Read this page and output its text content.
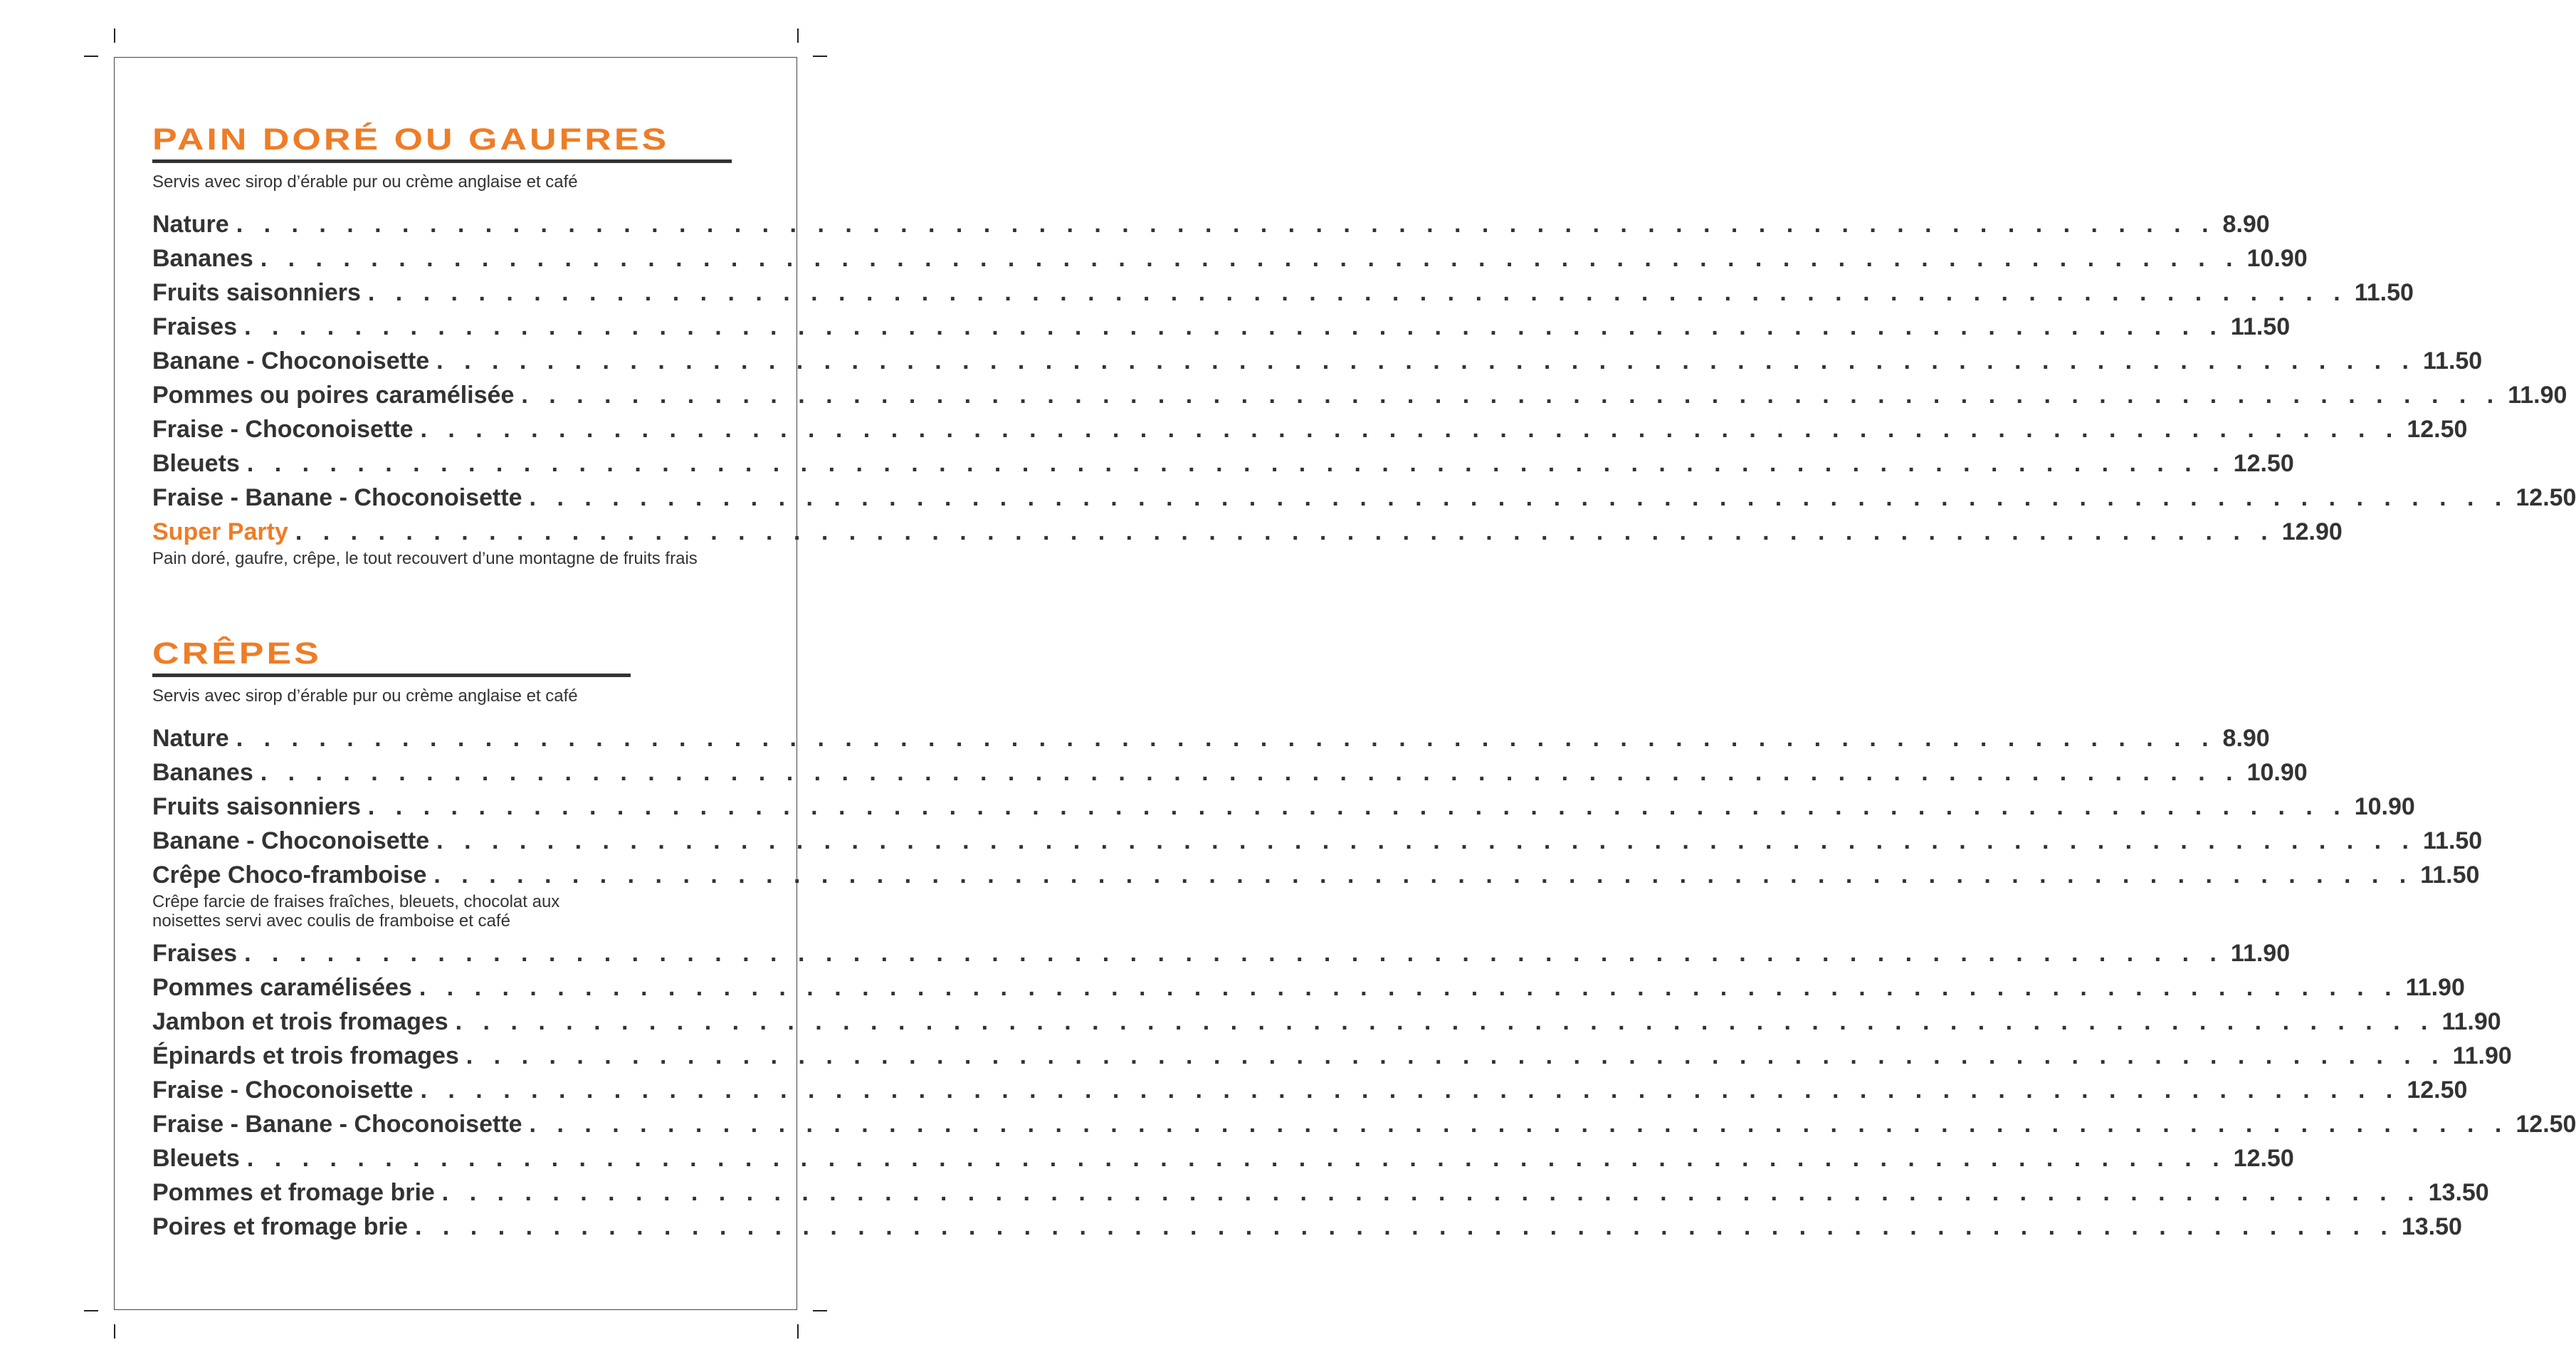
PAIN DORÉ OU GAUFRES
Servis avec sirop d’érable pur ou crème anglaise et café
Nature . . . . . . . . . . . . . . . . . . . . . . . . . . . . . . . . . . . . . . . . . . . . . . . . . . . . . . . . . . . . . . . . . . . . . . . . 8.90
Bananes . . . . . . . . . . . . . . . . . . . . . . . . . . . . . . . . . . . . . . . . . . . . . . . . . . . . . . . . . . . . . . . . . . . . . . . . 10.90
Fruits saisonniers . . . . . . . . . . . . . . . . . . . . . . . . . . . . . . . . . . . . . . . . . . . . . . . . . . . . . . . . . . . . . . . . . . . . . . . . 11.50
Fraises . . . . . . . . . . . . . . . . . . . . . . . . . . . . . . . . . . . . . . . . . . . . . . . . . . . . . . . . . . . . . . . . . . . . . . . . 11.50
Banane - Choconoisette . . . . . . . . . . . . . . . . . . . . . . . . . . . . . . . . . . . . . . . . . . . . . . . . . . . . . . . . . . . . . . . . . . . . . . . . 11.50
Pommes ou poires caramélisée . . . . . . . . . . . . . . . . . . . . . . . . . . . . . . . . . . . . . . . . . . . . . . . . . . . . . . . . . . . . . . . . . . . . . . . . 11.90
Fraise - Choconoisette . . . . . . . . . . . . . . . . . . . . . . . . . . . . . . . . . . . . . . . . . . . . . . . . . . . . . . . . . . . . . . . . . . . . . . . . 12.50
Bleuets . . . . . . . . . . . . . . . . . . . . . . . . . . . . . . . . . . . . . . . . . . . . . . . . . . . . . . . . . . . . . . . . . . . . . . . . 12.50
Fraise - Banane - Choconoisette . . . . . . . . . . . . . . . . . . . . . . . . . . . . . . . . . . . . . . . . . . . . . . . . . . . . . . . . . . . . . . . . . . . . . . . . 12.50
Super Party . . . . . . . . . . . . . . . . . . . . . . . . . . . . . . . . . . . . . . . . . . . . . . . . . . . . . . . . . . . . . . . . . . . . . . . . 12.90
Pain doré, gaufre, crêpe, le tout recouvert d’une montagne de fruits frais
CRÊPES
Servis avec sirop d’érable pur ou crème anglaise et café
Nature . . . . . . . . . . . . . . . . . . . . . . . . . . . . . . . . . . . . . . . . . . . . . . . . . . . . . . . . . . . . . . . . . . . . . . . . 8.90
Bananes . . . . . . . . . . . . . . . . . . . . . . . . . . . . . . . . . . . . . . . . . . . . . . . . . . . . . . . . . . . . . . . . . . . . . . . . 10.90
Fruits saisonniers . . . . . . . . . . . . . . . . . . . . . . . . . . . . . . . . . . . . . . . . . . . . . . . . . . . . . . . . . . . . . . . . . . . . . . . . 10.90
Banane - Choconoisette . . . . . . . . . . . . . . . . . . . . . . . . . . . . . . . . . . . . . . . . . . . . . . . . . . . . . . . . . . . . . . . . . . . . . . . . 11.50
Crêpe Choco-framboise . . . . . . . . . . . . . . . . . . . . . . . . . . . . . . . . . . . . . . . . . . . . . . . . . . . . . . . . . . . . . . . . . . . . . . . . 11.50
Crêpe farcie de fraises fraîches, bleuets, chocolat aux noisettes servi avec coulis de framboise et café
Fraises . . . . . . . . . . . . . . . . . . . . . . . . . . . . . . . . . . . . . . . . . . . . . . . . . . . . . . . . . . . . . . . . . . . . . . . . 11.90
Pommes caramélisées . . . . . . . . . . . . . . . . . . . . . . . . . . . . . . . . . . . . . . . . . . . . . . . . . . . . . . . . . . . . . . . . . . . . . . . . 11.90
Jambon et trois fromages . . . . . . . . . . . . . . . . . . . . . . . . . . . . . . . . . . . . . . . . . . . . . . . . . . . . . . . . . . . . . . . . . . . . . . . . 11.90
Épinards et trois fromages . . . . . . . . . . . . . . . . . . . . . . . . . . . . . . . . . . . . . . . . . . . . . . . . . . . . . . . . . . . . . . . . . . . . . . . . 11.90
Fraise - Choconoisette . . . . . . . . . . . . . . . . . . . . . . . . . . . . . . . . . . . . . . . . . . . . . . . . . . . . . . . . . . . . . . . . . . . . . . . . 12.50
Fraise - Banane - Choconoisette . . . . . . . . . . . . . . . . . . . . . . . . . . . . . . . . . . . . . . . . . . . . . . . . . . . . . . . . . . . . . . . . . . . . . . . . 12.50
Bleuets . . . . . . . . . . . . . . . . . . . . . . . . . . . . . . . . . . . . . . . . . . . . . . . . . . . . . . . . . . . . . . . . . . . . . . . . 12.50
Pommes et fromage brie . . . . . . . . . . . . . . . . . . . . . . . . . . . . . . . . . . . . . . . . . . . . . . . . . . . . . . . . . . . . . . . . . . . . . . . . 13.50
Poires et fromage brie . . . . . . . . . . . . . . . . . . . . . . . . . . . . . . . . . . . . . . . . . . . . . . . . . . . . . . . . . . . . . . . . . . . . . . . . 13.50
